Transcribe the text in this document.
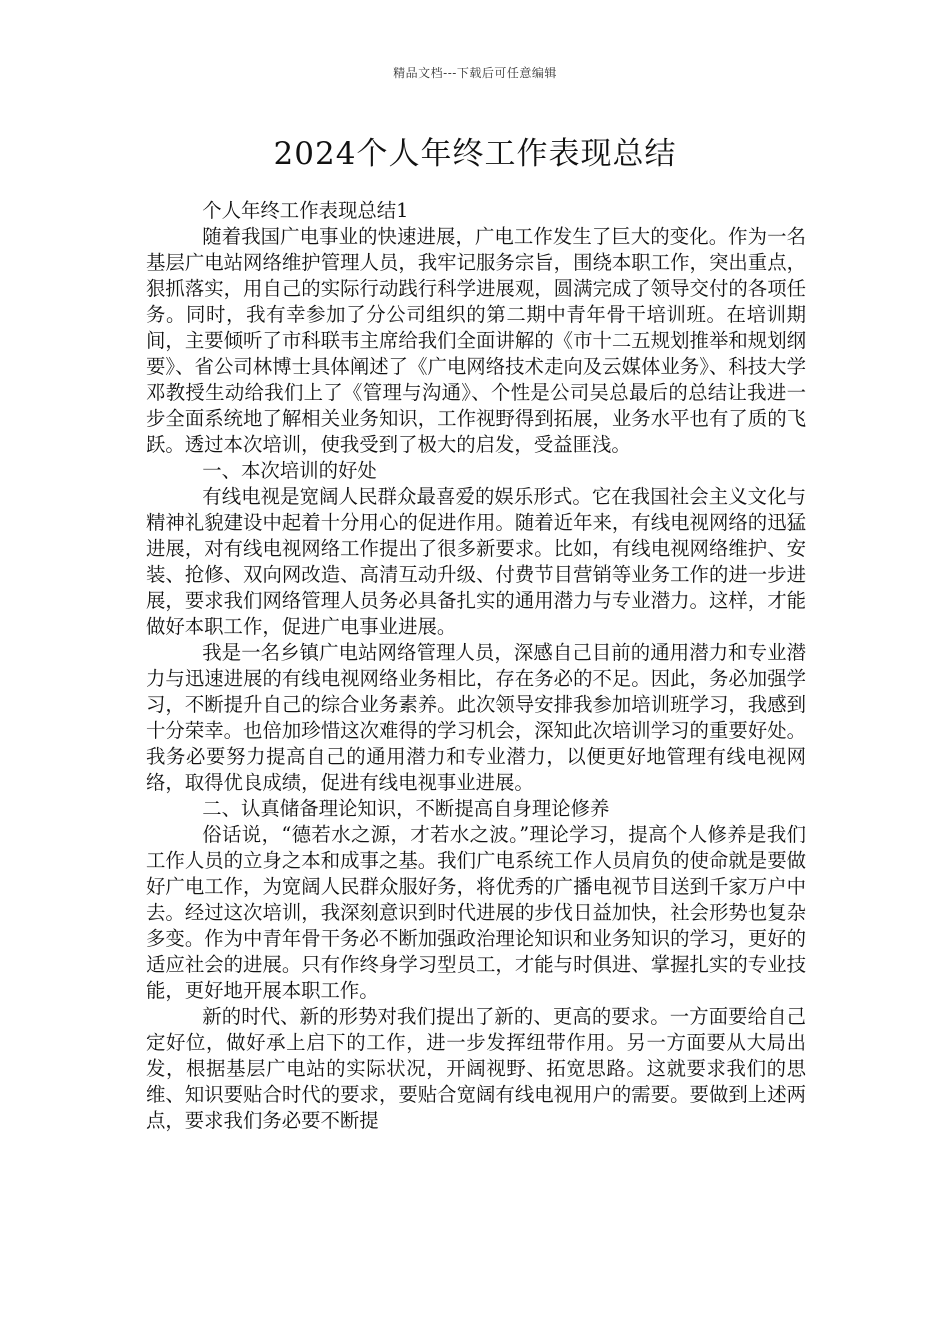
精品文档---下载后可任意编辑
2024个人年终工作表现总结

个人年终工作表现总结1

随着我国广电事业的快速进展，广电工作发生了巨大的变化。作为一名基层广电站网络维护管理人员，我牢记服务宗旨，围绕本职工作，突出重点，狠抓落实，用自己的实际行动践行科学进展观，圆满完成了领导交付的各项任务。同时，我有幸参加了分公司组织的第二期中青年骨干培训班。在培训期间，主要倾听了市科联韦主席给我们全面讲解的《市十二五规划推举和规划纲要》、省公司林博士具体阐述了《广电网络技术走向及云媒体业务》、科技大学邓教授生动给我们上了《管理与沟通》、个性是公司吴总最后的总结让我进一步全面系统地了解相关业务知识，工作视野得到拓展，业务水平也有了质的飞跃。透过本次培训，使我受到了极大的启发，受益匪浅。

一、本次培训的好处

有线电视是宽阔人民群众最喜爱的娱乐形式。它在我国社会主义文化与精神礼貌建设中起着十分用心的促进作用。随着近年来，有线电视网络的迅猛进展，对有线电视网络工作提出了很多新要求。比如，有线电视网络维护、安装、抢修、双向网改造、高清互动升级、付费节目营销等业务工作的进一步进展，要求我们网络管理人员务必具备扎实的通用潜力与专业潜力。这样，才能做好本职工作，促进广电事业进展。

我是一名乡镇广电站网络管理人员，深感自己目前的通用潜力和专业潜力与迅速进展的有线电视网络业务相比，存在务必的不足。因此，务必加强学习，不断提升自己的综合业务素养。此次领导安排我参加培训班学习，我感到十分荣幸。也倍加珍惜这次难得的学习机会，深知此次培训学习的重要好处。我务必要努力提高自己的通用潜力和专业潜力，以便更好地管理有线电视网络，取得优良成绩，促进有线电视事业进展。

二、认真储备理论知识，不断提高自身理论修养

俗话说，“德若水之源，才若水之波。”理论学习，提高个人修养是我们工作人员的立身之本和成事之基。我们广电系统工作人员肩负的使命就是要做好广电工作，为宽阔人民群众服好务，将优秀的广播电视节目送到千家万户中去。经过这次培训，我深刻意识到时代进展的步伐日益加快，社会形势也复杂多变。作为中青年骨干务必不断加强政治理论知识和业务知识的学习，更好的适应社会的进展。只有作终身学习型员工，才能与时俱进、掌握扎实的专业技能，更好地开展本职工作。

新的时代、新的形势对我们提出了新的、更高的要求。一方面要给自己定好位，做好承上启下的工作，进一步发挥纽带作用。另一方面要从大局出发，根据基层广电站的实际状况，开阔视野、拓宽思路。这就要求我们的思维、知识要贴合时代的要求，要贴合宽阔有线电视用户的需要。要做到上述两点，要求我们务必要不断提
